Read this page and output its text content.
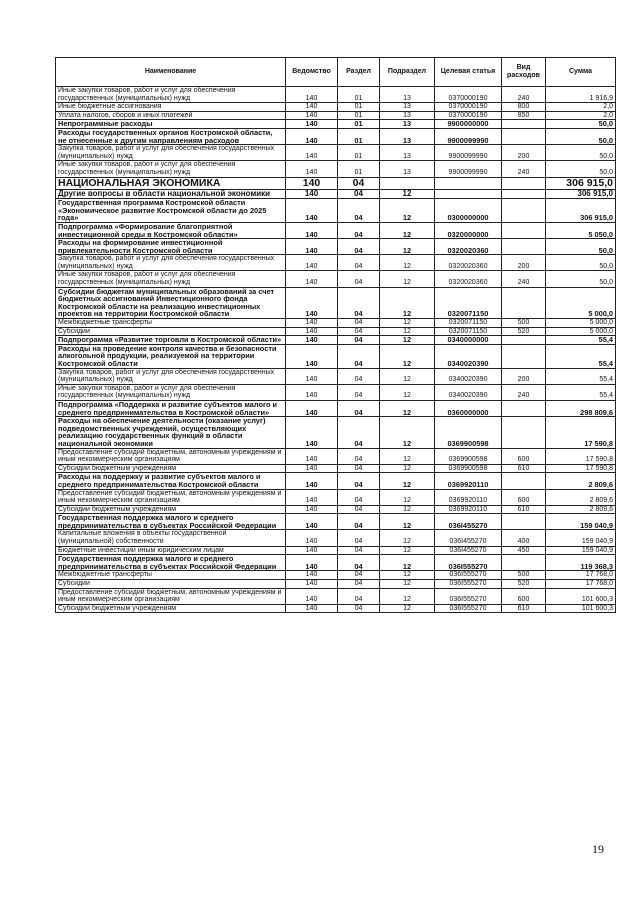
Наименование	Ведомство	Раздел	Подраздел	Целевая статья	Вид расходов	Сумма
Иные закупки товаров, работ и услуг для обеспечения государственных (муниципальных) нужд	140	01	13	0370000190	240	1 916,9
Иные бюджетные ассигнования	140	01	13	0370000190	800	2,0
Уплата налогов, сборов и иных платежей	140	01	13	0370000190	850	2,0
Непрограммные расходы	140	01	13	9900000000		50,0
Расходы государственных органов Костромской области, не отнесенные к другим направлениям расходов	140	01	13	9900099990		50,0
Закупка товаров, работ и услуг для обеспечения государственных (муниципальных) нужд	140	01	13	9900099990	200	50,0
Иные закупки товаров, работ и услуг для обеспечения государственных (муниципальных) нужд	140	01	13	9900099990	240	50,0
НАЦИОНАЛЬНАЯ ЭКОНОМИКА	140	04				306 915,0
Другие вопросы в области национальной экономики	140	04	12			306 915,0
Государственная программа Костромской области «Экономическое развитие Костромской области до 2025 года»	140	04	12	0300000000		306 915,0
Подпрограмма «Формирование благоприятной инвестиционной среды в Костромской области»	140	04	12	0320000000		5 050,0
Расходы на формирование инвестиционной привлекательности Костромской области	140	04	12	0320020360		50,0
Закупка товаров, работ и услуг для обеспечения государственных (муниципальных) нужд	140	04	12	0320020360	200	50,0
Иные закупки товаров, работ и услуг для обеспечения государственных (муниципальных) нужд	140	04	12	0320020360	240	50,0
Субсидии бюджетам муниципальных образований за счет бюджетных ассигнований Инвестиционного фонда Костромской области на реализацию инвестиционных проектов на территории Костромской области	140	04	12	0320071150		5 000,0
Межбюджетные трансферты	140	04	12	0320071150	500	5 000,0
Субсидии	140	04	12	0320071150	520	5 000,0
Подпрограмма «Развитие торговли в Костромской области»	140	04	12	0340000000		55,4
Расходы на проведение контроля качества и безопасности алкогольной продукции, реализуемой на территории Костромской области	140	04	12	0340020390		55,4
Закупка товаров, работ и услуг для обеспечения государственных (муниципальных) нужд	140	04	12	0340020390	200	55,4
Иные закупки товаров, работ и услуг для обеспечения государственных (муниципальных) нужд	140	04	12	0340020390	240	55,4
Подпрограмма «Поддержка и развитие субъектов малого и среднего предпринимательства в Костромской области»	140	04	12	0360000000		298 809,6
Расходы на обеспечение деятельности (оказание услуг) подведомственных учреждений, осуществляющих реализацию государственных функций в области национальной экономики	140	04	12	0369900598		17 590,8
Предоставление субсидий бюджетным, автономным учреждениям и иным некоммерческим организациям	140	04	12	0369900598	600	17 590,8
Субсидии бюджетным учреждениям	140	04	12	0369900598	610	17 590,8
Расходы на поддержку и развитие субъектов малого и среднего предпринимательства Костромской области	140	04	12	0369920110		2 809,6
Предоставление субсидий бюджетным, автономным учреждениям и иным некоммерческим организациям	140	04	12	0369920110	600	2 809,6
Субсидии бюджетным учреждениям	140	04	12	0369920110	610	2 809,6
Государственная поддержка малого и среднего предпринимательства в субъектах Российской Федерации	140	04	12	036I455270		159 040,9
Капитальные вложения в объекты государственной (муниципальной) собственности	140	04	12	036I455270	400	159 040,9
Бюджетные инвестиции иным юридическим лицам	140	04	12	036I455270	450	159 040,9
Государственная поддержка малого и среднего предпринимательства в субъектах Российской Федерации	140	04	12	036I555270		119 368,3
Межбюджетные трансферты	140	04	12	036I555270	500	17 768,0
Субсидии	140	04	12	036I555270	520	17 768,0
Предоставление субсидий бюджетным, автономным учреждениям и иным некоммерческим организациям	140	04	12	036I555270	600	101 600,3
Субсидии бюджетным учреждениям	140	04	12	036I555270	610	101 600,3
19
